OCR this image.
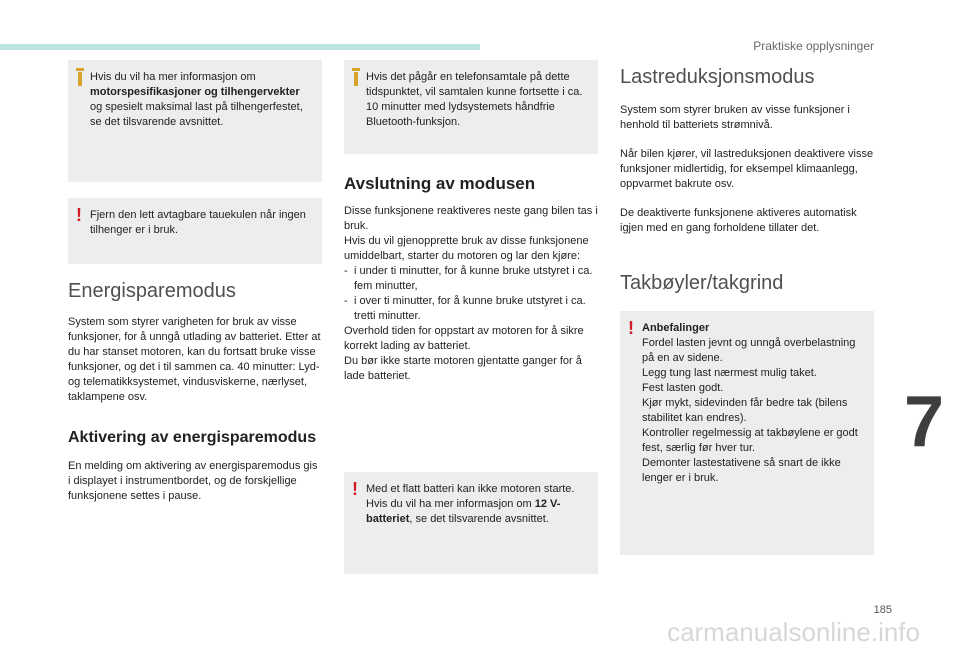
Praktiske opplysninger
7

Hvis du vil ha mer informasjon om motorspesifikasjoner og tilhengervekter og spesielt maksimal last på tilhengerfestet, se det tilsvarende avsnittet.

! Fjern den lett avtagbare tauekulen når ingen tilhenger er i bruk.

Energisparemodus

System som styrer varigheten for bruk av visse funksjoner, for å unngå utlading av batteriet. Etter at du har stanset motoren, kan du fortsatt bruke visse funksjoner, og det i til sammen ca. 40 minutter: Lyd- og telematikksystemet, vindusviskerne, nærlyset, taklampene osv.

Aktivering av energisparemodus

En melding om aktivering av energisparemodus gis i displayet i instrumentbordet, og de forskjellige funksjonene settes i pause.

Hvis det pågår en telefonsamtale på dette tidspunktet, vil samtalen kunne fortsette i ca. 10 minutter med lydsystemets håndfrie Bluetooth-funksjon.

Avslutning av modusen

Disse funksjonene reaktiveres neste gang bilen tas i bruk.

Hvis du vil gjenopprette bruk av disse funksjonene umiddelbart, starter du motoren og lar den kjøre:

- i under ti minutter, for å kunne bruke utstyret i ca. fem minutter,
- i over ti minutter, for å kunne bruke utstyret i ca. tretti minutter.

Overhold tiden for oppstart av motoren for å sikre korrekt lading av batteriet.

Du bør ikke starte motoren gjentatte ganger for å lade batteriet.

! Med et flatt batteri kan ikke motoren starte.

Hvis du vil ha mer informasjon om 12 V-batteriet, se det tilsvarende avsnittet.

Lastreduksjonsmodus

System som styrer bruken av visse funksjoner i henhold til batteriets strømnivå.

Når bilen kjører, vil lastreduksjonen deaktivere visse funksjoner midlertidig, for eksempel klimaanlegg, oppvarmet bakrute osv.

De deaktiverte funksjonene aktiveres automatisk igjen med en gang forholdene tillater det.

Takbøyler/takgrind
! Anbefalinger

Fordel lasten jevnt og unngå overbelastning på en av sidene.

Legg tung last nærmest mulig taket.

Fest lasten godt.

Kjør mykt, sidevinden får bedre tak (bilens stabilitet kan endres).

Kontroller regelmessig at takbøylene er godt fest, særlig før hver tur.

Demonter lastestativene så snart de ikke lenger er i bruk.

185
carmanualsonline.info
